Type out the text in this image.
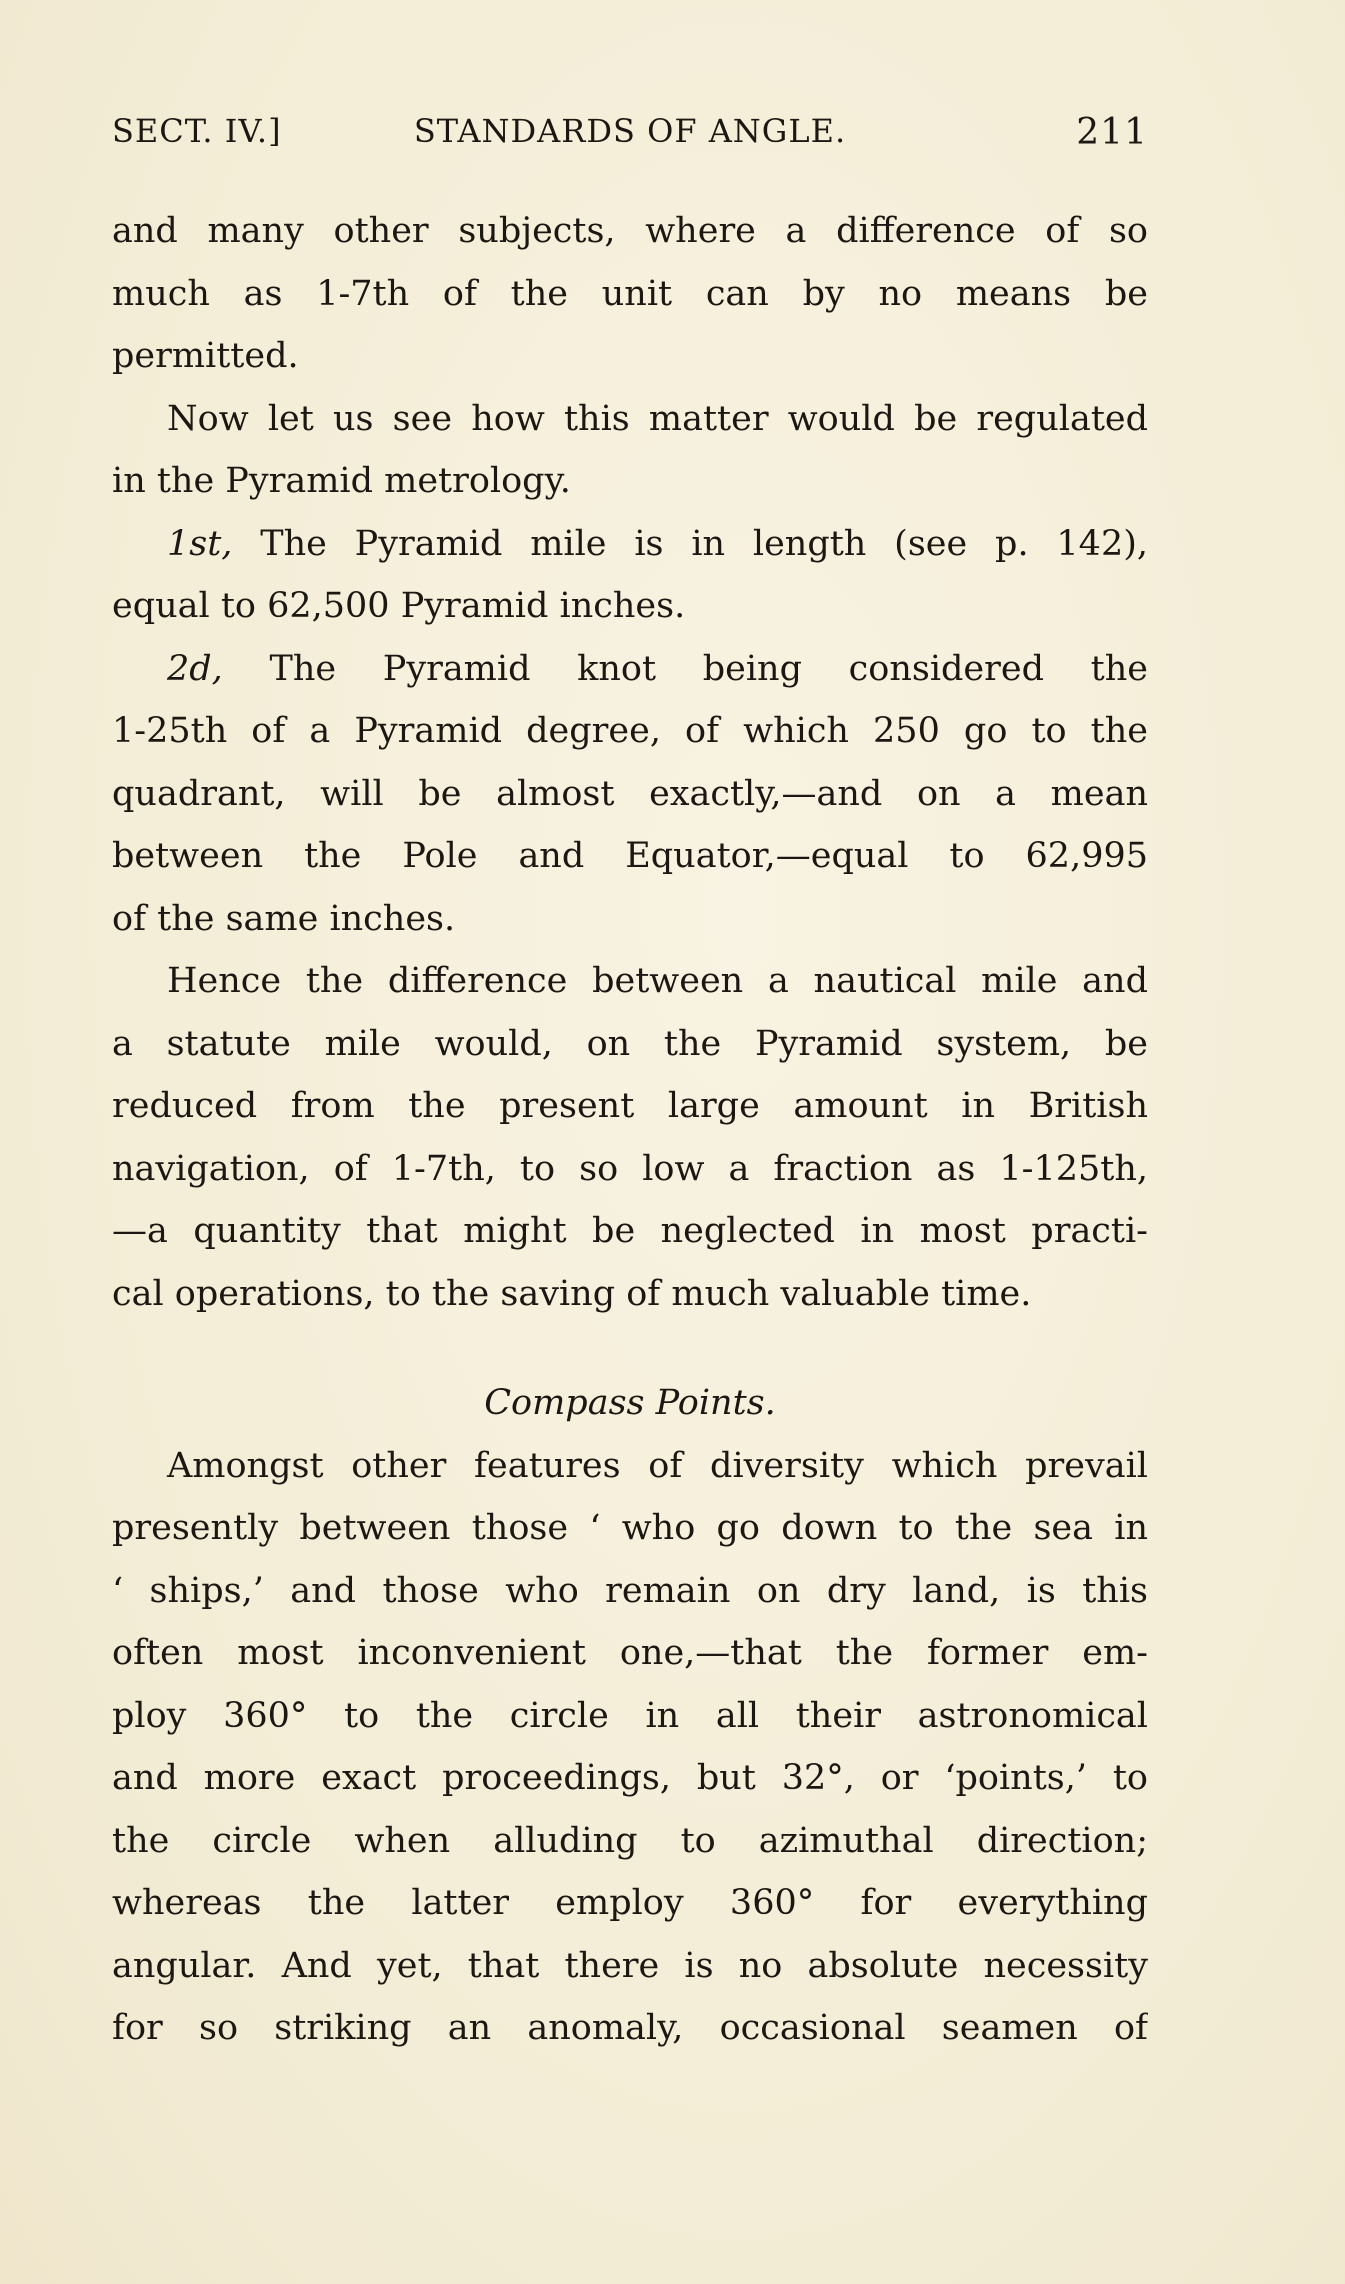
SECT. IV.]	STANDARDS OF ANGLE.	211
and many other subjects, where a difference of so
much as 1-7th of the unit can by no means be
permitted.
Now let us see how this matter would be regulated
in the Pyramid metrology.
1st, The Pyramid mile is in length (see p. 142),
equal to 62,500 Pyramid inches.
2d, The Pyramid knot being considered the
1-25th of a Pyramid degree, of which 250 go to the
quadrant, will be almost exactly,—and on a mean
between the Pole and Equator,—equal to 62,995
of the same inches.
Hence the difference between a nautical mile and
a statute mile would, on the Pyramid system, be
reduced from the present large amount in British
navigation, of 1-7th, to so low a fraction as 1-125th,
—a quantity that might be neglected in most practi-
cal operations, to the saving of much valuable time.
Compass Points.
Amongst other features of diversity which prevail
presently between those ‘ who go down to the sea in
‘ ships,’ and those who remain on dry land, is this
often most inconvenient one,—that the former em-
ploy 360° to the circle in all their astronomical
and more exact proceedings, but 32°, or ‘points,’ to
the circle when alluding to azimuthal direction;
whereas the latter employ 360° for everything
angular. And yet, that there is no absolute necessity
for so striking an anomaly, occasional seamen of
